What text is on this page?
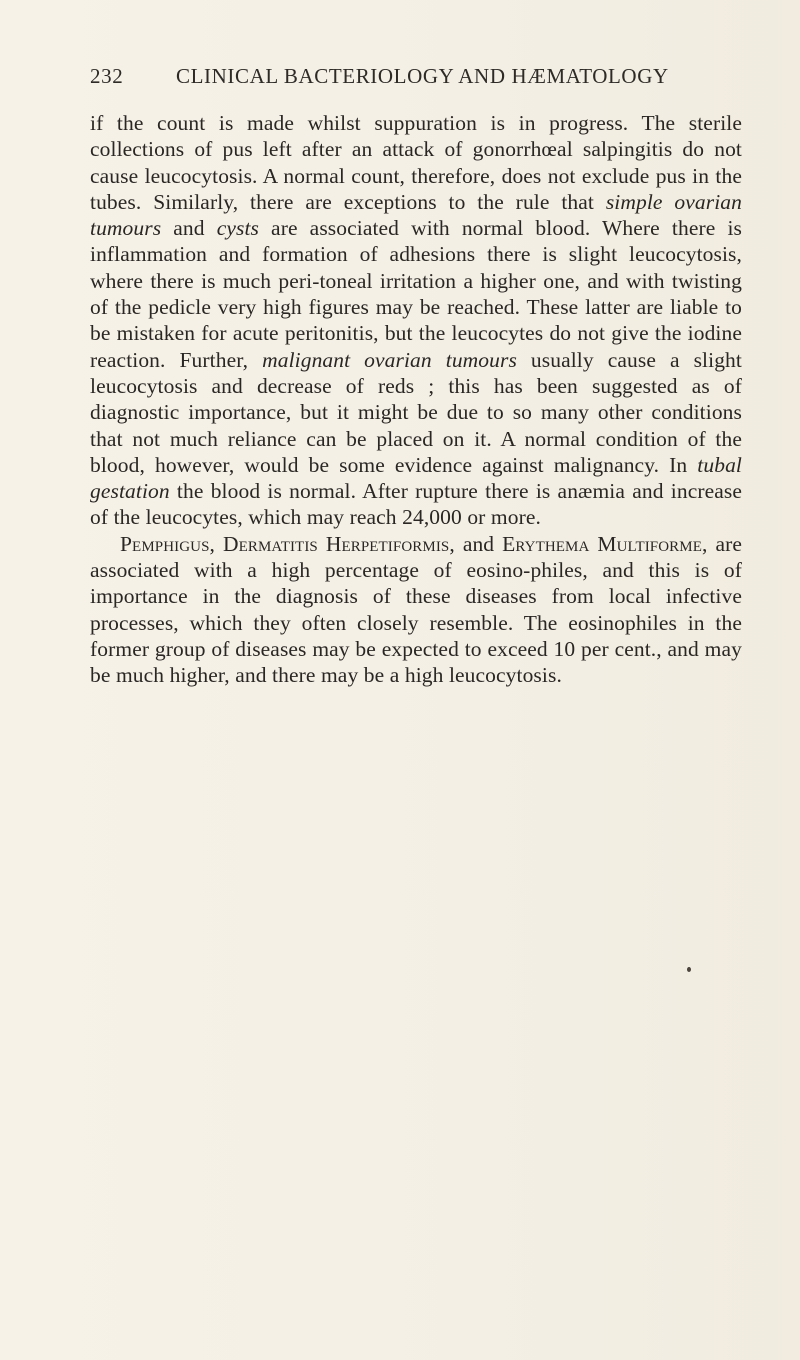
232	CLINICAL BACTERIOLOGY AND HÆMATOLOGY

if the count is made whilst suppuration is in progress. The sterile collections of pus left after an attack of gonorrhœal salpingitis do not cause leucocytosis. A normal count, therefore, does not exclude pus in the tubes. Similarly, there are exceptions to the rule that simple ovarian tumours and cysts are associated with normal blood. Where there is inflammation and formation of adhesions there is slight leucocytosis, where there is much peri-toneal irritation a higher one, and with twisting of the pedicle very high figures may be reached. These latter are liable to be mistaken for acute peritonitis, but the leucocytes do not give the iodine reaction. Further, malignant ovarian tumours usually cause a slight leucocytosis and decrease of reds ; this has been suggested as of diagnostic importance, but it might be due to so many other conditions that not much reliance can be placed on it. A normal condition of the blood, however, would be some evidence against malignancy. In tubal gestation the blood is normal. After rupture there is anæmia and increase of the leucocytes, which may reach 24,000 or more.

Pemphigus, Dermatitis Herpetiformis, and Erythema Multiforme, are associated with a high percentage of eosino-philes, and this is of importance in the diagnosis of these diseases from local infective processes, which they often closely resemble. The eosinophiles in the former group of diseases may be expected to exceed 10 per cent., and may be much higher, and there may be a high leucocytosis.
